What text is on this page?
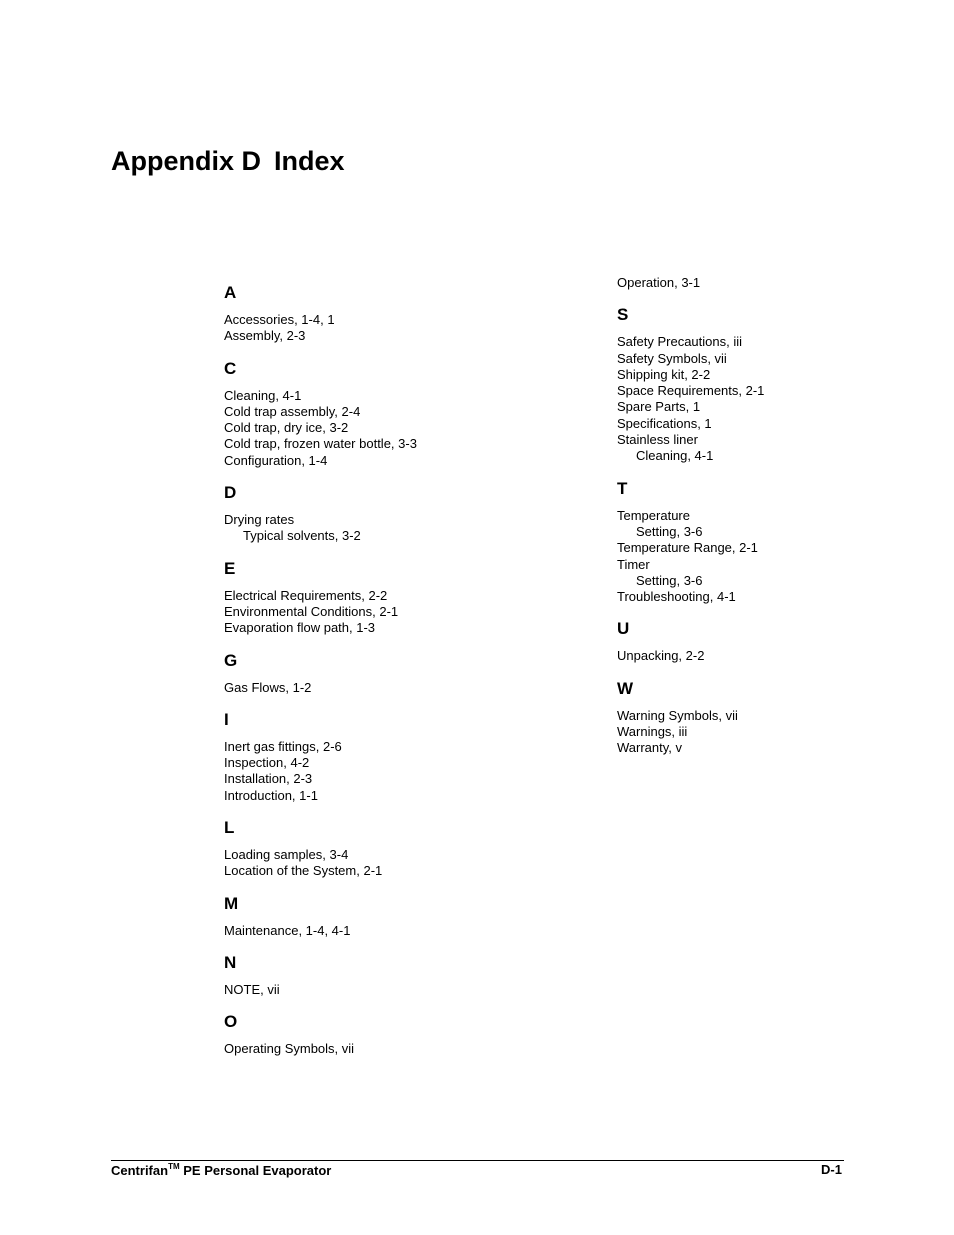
Appendix D Index
A
Accessories, 1-4, 1
Assembly, 2-3
C
Cleaning, 4-1
Cold trap assembly, 2-4
Cold trap, dry ice, 3-2
Cold trap, frozen water bottle, 3-3
Configuration, 1-4
D
Drying rates
Typical solvents, 3-2
E
Electrical Requirements, 2-2
Environmental Conditions, 2-1
Evaporation flow path, 1-3
G
Gas Flows, 1-2
I
Inert gas fittings, 2-6
Inspection, 4-2
Installation, 2-3
Introduction, 1-1
L
Loading samples, 3-4
Location of the System, 2-1
M
Maintenance, 1-4, 4-1
N
NOTE, vii
O
Operating Symbols, vii
Operation, 3-1
S
Safety Precautions, iii
Safety Symbols, vii
Shipping kit, 2-2
Space Requirements, 2-1
Spare Parts, 1
Specifications, 1
Stainless liner
Cleaning, 4-1
T
Temperature
Setting, 3-6
Temperature Range, 2-1
Timer
Setting, 3-6
Troubleshooting, 4-1
U
Unpacking, 2-2
W
Warning Symbols, vii
Warnings, iii
Warranty, v
Centrifan™ PE Personal Evaporator	D-1
